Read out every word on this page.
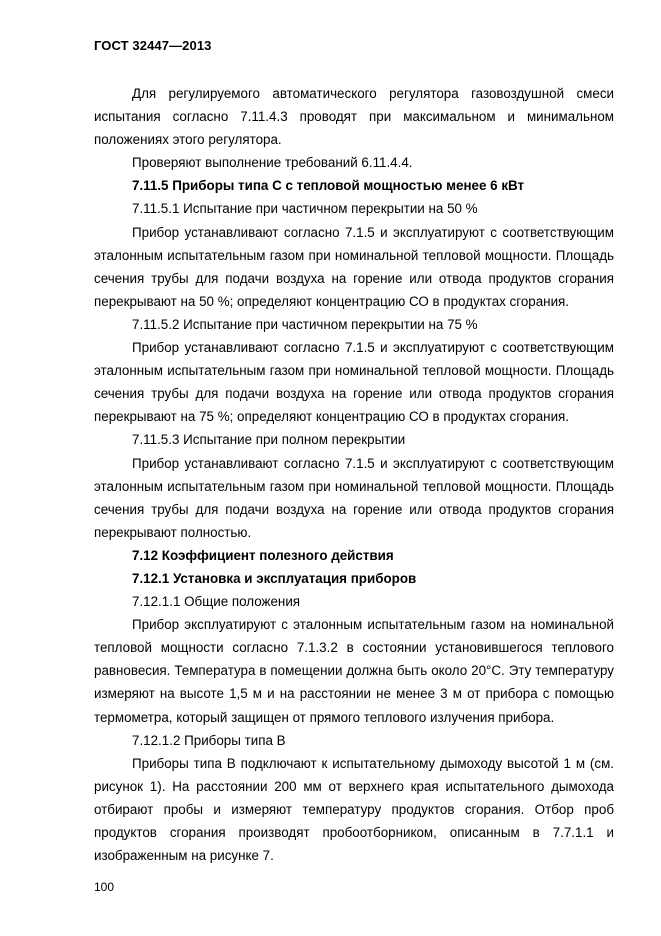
ГОСТ 32447—2013

Для регулируемого автоматического регулятора газовоздушной смеси испытания согласно 7.11.4.3 проводят при максимальном и минимальном положениях этого регулятора.

Проверяют выполнение требований 6.11.4.4.

7.11.5 Приборы типа С с тепловой мощностью менее 6 кВт

7.11.5.1 Испытание при частичном перекрытии на 50 %

Прибор устанавливают согласно 7.1.5 и эксплуатируют с соответствующим эталонным испытательным газом при номинальной тепловой мощности. Площадь сечения трубы для подачи воздуха на горение или отвода продуктов сгорания перекрывают на 50 %; определяют концентрацию СО в продуктах сгорания.

7.11.5.2 Испытание при частичном перекрытии на 75 %

Прибор устанавливают согласно 7.1.5 и эксплуатируют с соответствующим эталонным испытательным газом при номинальной тепловой мощности. Площадь сечения трубы для подачи воздуха на горение или отвода продуктов сгорания перекрывают на 75 %; определяют концентрацию СО в продуктах сгорания.

7.11.5.3 Испытание при полном перекрытии

Прибор устанавливают согласно 7.1.5 и эксплуатируют с соответствующим эталонным испытательным газом при номинальной тепловой мощности. Площадь сечения трубы для подачи воздуха на горение или отвода продуктов сгорания перекрывают полностью.

7.12 Коэффициент полезного действия

7.12.1 Установка и эксплуатация приборов

7.12.1.1 Общие положения

Прибор эксплуатируют с эталонным испытательным газом на номинальной тепловой мощности согласно 7.1.3.2 в состоянии установившегося теплового равновесия. Температура в помещении должна быть около 20°С. Эту температуру измеряют на высоте 1,5 м и на расстоянии не менее 3 м от прибора с помощью термометра, который защищен от прямого теплового излучения прибора.

7.12.1.2 Приборы типа В

Приборы типа В подключают к испытательному дымоходу высотой 1 м (см. рисунок 1). На расстоянии 200 мм от верхнего края испытательного дымохода отбирают пробы и измеряют температуру продуктов сгорания. Отбор проб продуктов сгорания производят пробоотборником, описанным в 7.7.1.1 и изображенным на рисунке 7.

100
